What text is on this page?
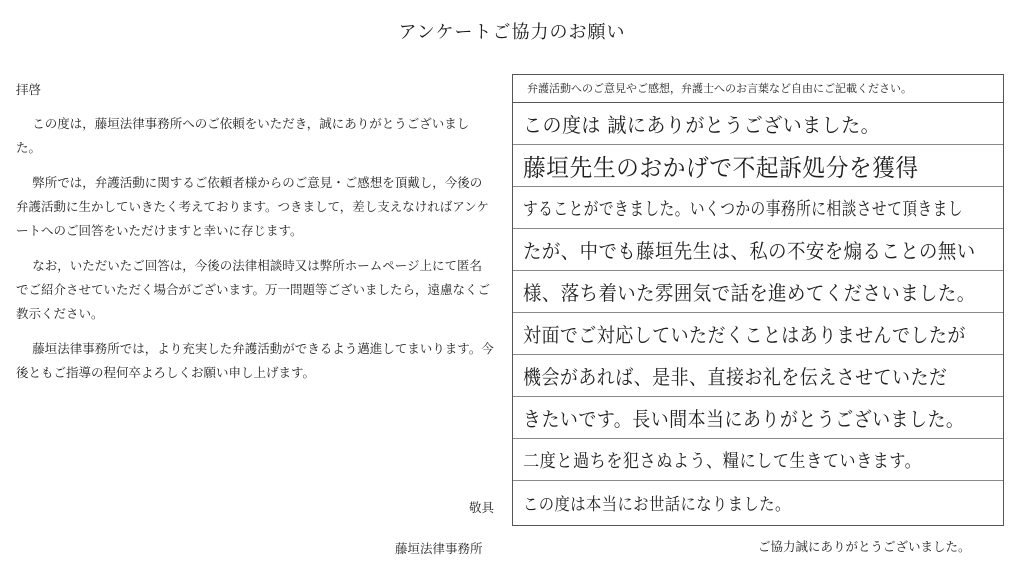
アンケートご協力のお願い

拝啓

この度は，藤垣法律事務所へのご依頼をいただき，誠にありがとうございました。

弊所では，弁護活動に関するご依頼者様からのご意見・ご感想を頂戴し，今後の弁護活動に生かしていきたく考えております。つきまして，差し支えなければアンケートへのご回答をいただけますと幸いに存じます。

なお，いただいたご回答は，今後の法律相談時又は弊所ホームページ上にて匿名でご紹介させていただく場合がございます。万一問題等ございましたら，遠慮なくご教示ください。

藤垣法律事務所では，より充実した弁護活動ができるよう邁進してまいります。今後ともご指導の程何卒よろしくお願い申し上げます。

敬具
藤垣法律事務所
弁護活動へのご意見やご感想，弁護士へのお言葉など自由にご記載ください。
この度は 誠にありがとうございました。
藤垣先生のおかげで不起訴処分を獲得
することができました。いくつかの事務所に相談させて頂きまし
たが、中でも藤垣先生は、私の不安を煽ることの無い
様、落ち着いた雰囲気で話を進めてくださいました。
対面でご対応していただくことはありませんでしたが
機会があれば、是非、直接お礼を伝えさせていただ
きたいです。長い間本当にありがとうございました。
二度と過ちを犯さぬよう、糧にして生きていきます。
この度は本当にお世話になりました。
ご協力誠にありがとうございました。
